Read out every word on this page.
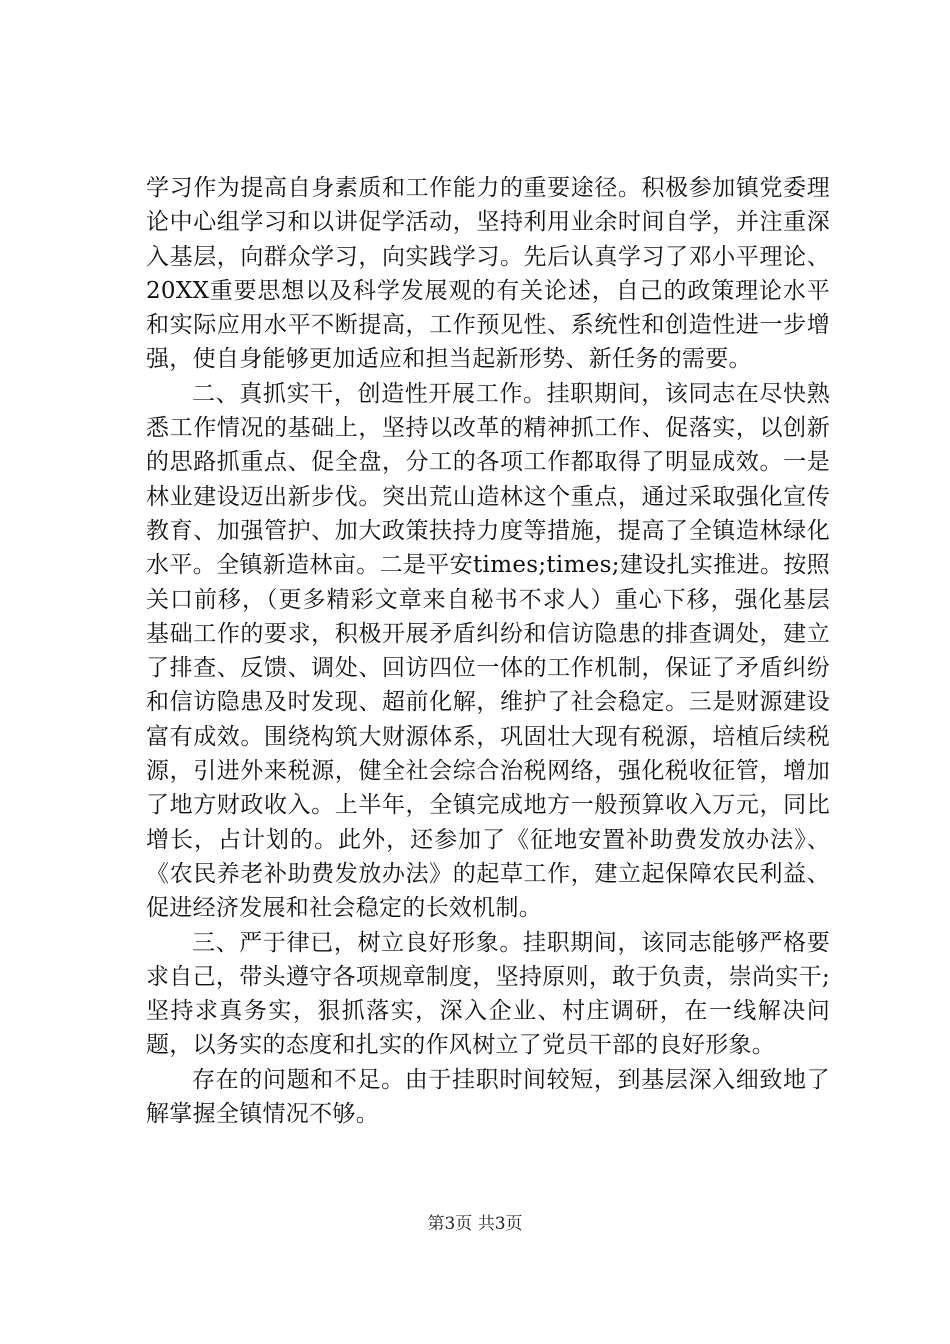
学习作为提高自身素质和工作能力的重要途径。积极参加镇党委理论中心组学习和以讲促学活动，坚持利用业余时间自学，并注重深入基层，向群众学习，向实践学习。先后认真学习了邓小平理论、20XX重要思想以及科学发展观的有关论述，自己的政策理论水平和实际应用水平不断提高，工作预见性、系统性和创造性进一步增强，使自身能够更加适应和担当起新形势、新任务的需要。

二、真抓实干，创造性开展工作。挂职期间，该同志在尽快熟悉工作情况的基础上，坚持以改革的精神抓工作、促落实，以创新的思路抓重点、促全盘，分工的各项工作都取得了明显成效。一是林业建设迈出新步伐。突出荒山造林这个重点，通过采取强化宣传教育、加强管护、加大政策扶持力度等措施，提高了全镇造林绿化水平。全镇新造林亩。二是平安times;times;建设扎实推进。按照关口前移，（更多精彩文章来自秘书不求人）重心下移，强化基层基础工作的要求，积极开展矛盾纠纷和信访隐患的排查调处，建立了排查、反馈、调处、回访四位一体的工作机制，保证了矛盾纠纷和信访隐患及时发现、超前化解，维护了社会稳定。三是财源建设富有成效。围绕构筑大财源体系，巩固壮大现有税源，培植后续税源，引进外来税源，健全社会综合治税网络，强化税收征管，增加了地方财政收入。上半年，全镇完成地方一般预算收入万元，同比增长，占计划的。此外，还参加了《征地安置补助费发放办法》、《农民养老补助费发放办法》的起草工作，建立起保障农民利益、促进经济发展和社会稳定的长效机制。

三、严于律已，树立良好形象。挂职期间，该同志能够严格要求自己，带头遵守各项规章制度，坚持原则，敢于负责，崇尚实干;坚持求真务实，狠抓落实，深入企业、村庄调研，在一线解决问题，以务实的态度和扎实的作风树立了党员干部的良好形象。

存在的问题和不足。由于挂职时间较短，到基层深入细致地了解掌握全镇情况不够。

第3页 共3页
